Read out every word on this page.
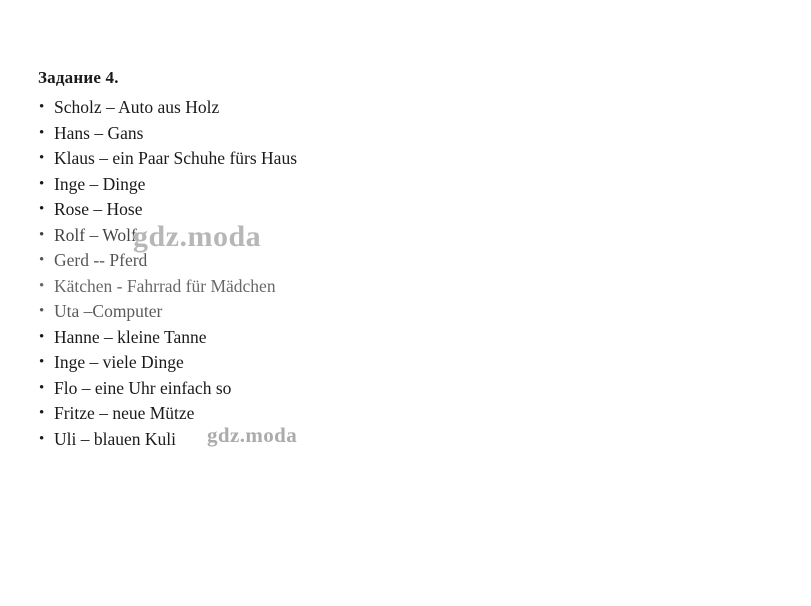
Задание 4.
• Scholz – Auto aus Holz
• Hans – Gans
• Klaus – ein Paar Schuhe fürs Haus
• Inge – Dinge
• Rose – Hose
• Rolf – Wolf
• Gerd -- Pferd
• Kätchen - Fahrrad für Mädchen
• Uta –Computer
• Hanne – kleine Tanne
• Inge – viele Dinge
• Flo – eine Uhr einfach so
• Fritze – neue Mütze
• Uli – blauen Kuli
gdz.moda
gdz.moda
